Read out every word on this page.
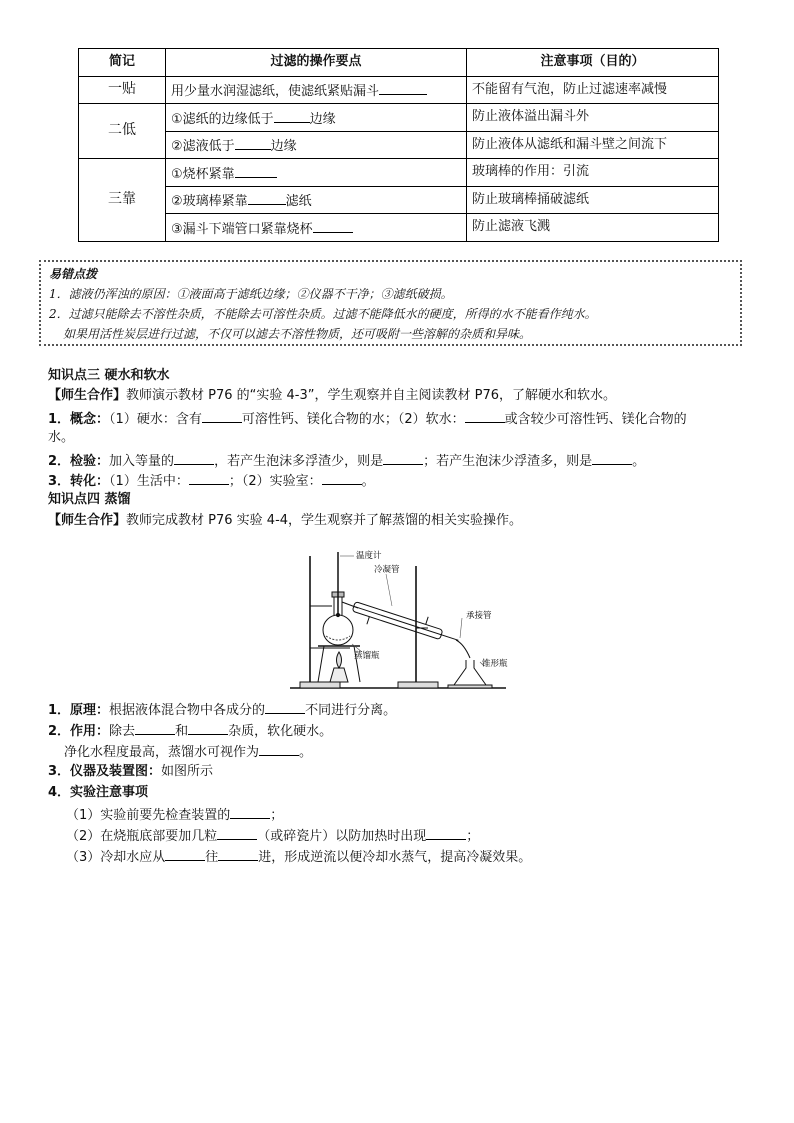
简记	过滤的操作要点	注意事项（目的）
一贴	用少量水润湿滤纸，使滤纸紧贴漏斗	不能留有气泡，防止过滤速率减慢
二低	①滤纸的边缘低于 边缘	防止液体溢出漏斗外
	②滤液低于 边缘	防止液体从滤纸和漏斗壁之间流下
三靠	①烧杯紧靠	玻璃棒的作用：引流
	②玻璃棒紧靠 滤纸	防止玻璃棒捅破滤纸
	③漏斗下端管口紧靠烧杯	防止滤液飞溅
易错点拨
1．滤液仍浑浊的原因：①液面高于滤纸边缘；②仪器不干净；③滤纸破损。
2．过滤只能除去不溶性杂质，不能除去可溶性杂质。过滤不能降低水的硬度，所得的水不能看作纯水。
如果用活性炭层进行过滤，不仅可以滤去不溶性物质，还可吸附一些溶解的杂质和异味。
知识点三 硬水和软水
【师生合作】教师演示教材 P76 的“实验 4-3”，学生观察并自主阅读教材 P76，了解硬水和软水。
1．概念：（1）硬水：含有	可溶性钙、镁化合物的水；（2）软水：	或含较少可溶性钙、镁化合物的
水。
2．检验：加入等量的	，若产生泡沫多浮渣少，则是	；若产生泡沫少浮渣多，则是	。
3．转化：（1）生活中：	；（2）实验室：	。
知识点四 蒸馏
【师生合作】教师完成教材 P76 实验 4-4，学生观察并了解蒸馏的相关实验操作。
温度计
冷凝管
承接管
蒸馏瓶
锥形瓶
1．原理：根据液体混合物中各成分的	不同进行分离。
2．作用：除去	和	杂质，软化硬水。
净化水程度最高，蒸馏水可视作为	。
3．仪器及装置图：如图所示
4．实验注意事项
（1）实验前要先检查装置的	；
（2）在烧瓶底部要加几粒	（或碎瓷片）以防加热时出现	；
（3）冷却水应从	往	进，形成逆流以便冷却水蒸气，提高冷凝效果。
